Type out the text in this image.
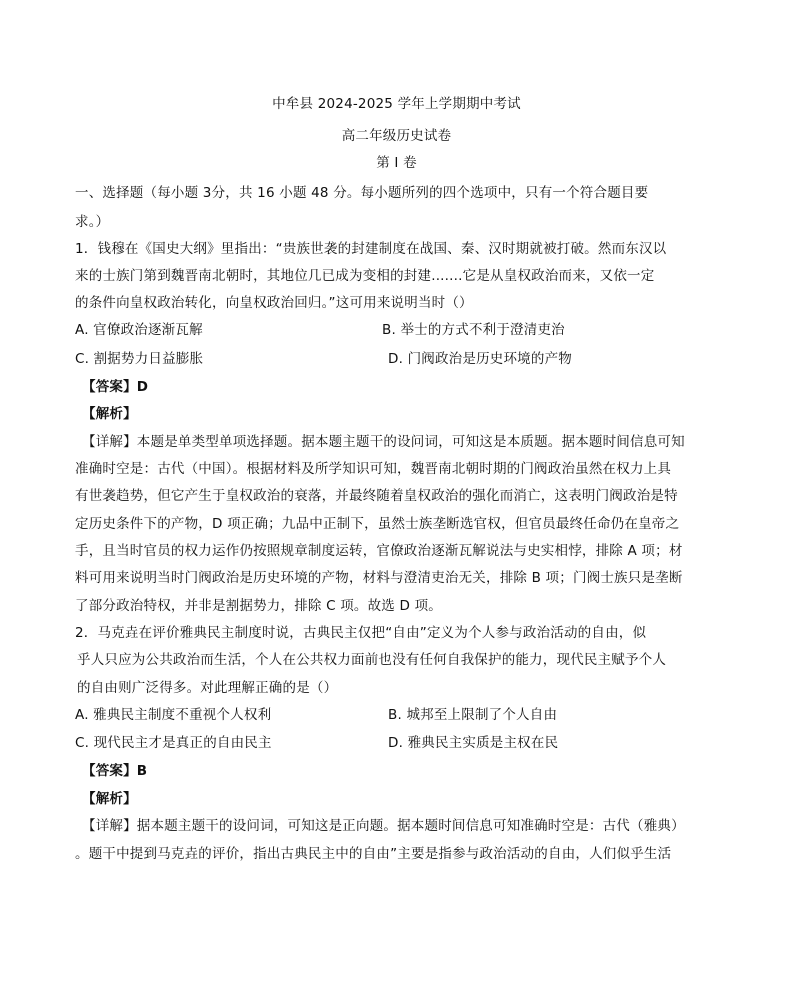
中牟县 2024-2025 学年上学期期中考试
高二年级历史试卷
第 I 卷
一、选择题（每小题 3分，共 16 小题 48 分。每小题所列的四个选项中，只有一个符合题目要
求。）
1．钱穆在《国史大纲》里指出：“贵族世袭的封建制度在战国、秦、汉时期就被打破。然而东汉以
来的士族门第到魏晋南北朝时，其地位几已成为变相的封建.......它是从皇权政治而来，又依一定
的条件向皇权政治转化，向皇权政治回归。”这可用来说明当时（）
A. 官僚政治逐渐瓦解	B. 举士的方式不利于澄清吏治
C. 割据势力日益膨胀	D. 门阀政治是历史环境的产物
【答案】D
【解析】
【详解】本题是单类型单项选择题。据本题主题干的设问词，可知这是本质题。据本题时间信息可知
准确时空是：古代（中国）。根据材料及所学知识可知，魏晋南北朝时期的门阀政治虽然在权力上具
有世袭趋势，但它产生于皇权政治的衰落，并最终随着皇权政治的强化而消亡，这表明门阀政治是特
定历史条件下的产物，D 项正确；九品中正制下，虽然士族垄断选官权，但官员最终任命仍在皇帝之
手，且当时官员的权力运作仍按照规章制度运转，官僚政治逐渐瓦解说法与史实相悖，排除 A 项；材
料可用来说明当时门阀政治是历史环境的产物，材料与澄清吏治无关，排除 B 项；门阀士族只是垄断
了部分政治特权，并非是割据势力，排除 C 项。故选 D 项。
2．马克垚在评价雅典民主制度时说，古典民主仅把“自由”定义为个人参与政治活动的自由，似
乎人只应为公共政治而生活，个人在公共权力面前也没有任何自我保护的能力，现代民主赋予个人
的自由则广泛得多。对此理解正确的是（）
A. 雅典民主制度不重视个人权利	B. 城邦至上限制了个人自由
C. 现代民主才是真正的自由民主	D. 雅典民主实质是主权在民
【答案】B
【解析】
【详解】据本题主题干的设问词，可知这是正向题。据本题时间信息可知准确时空是：古代（雅典）
。题干中提到马克垚的评价，指出古典民主中的自由”主要是指参与政治活动的自由，人们似乎生活
